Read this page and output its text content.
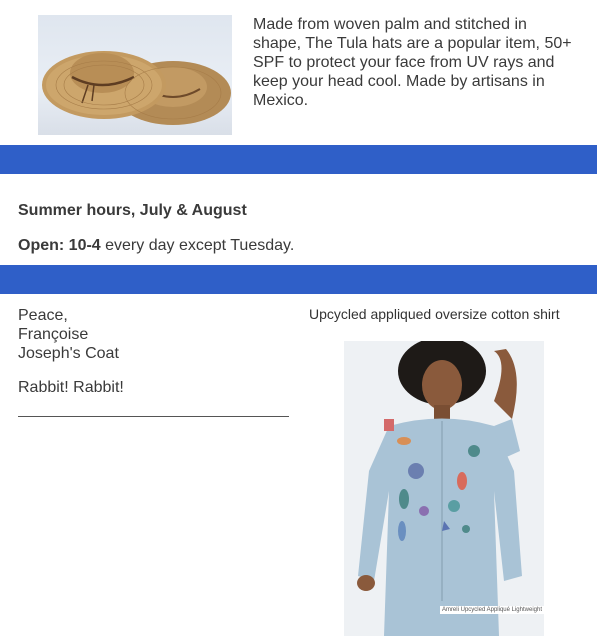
Made from woven palm and stitched in shape, The Tula hats are a popular item, 50+ SPF to protect your face from UV rays and keep your head cool. Made by artisans in Mexico.
Summer hours, July & August
Open: 10-4 every day except Tuesday.
Peace,
Françoise
Joseph's Coat
Rabbit! Rabbit!
Upcycled appliqued oversize cotton shirt
Amreli Upcycled Appliqué Lightweight
